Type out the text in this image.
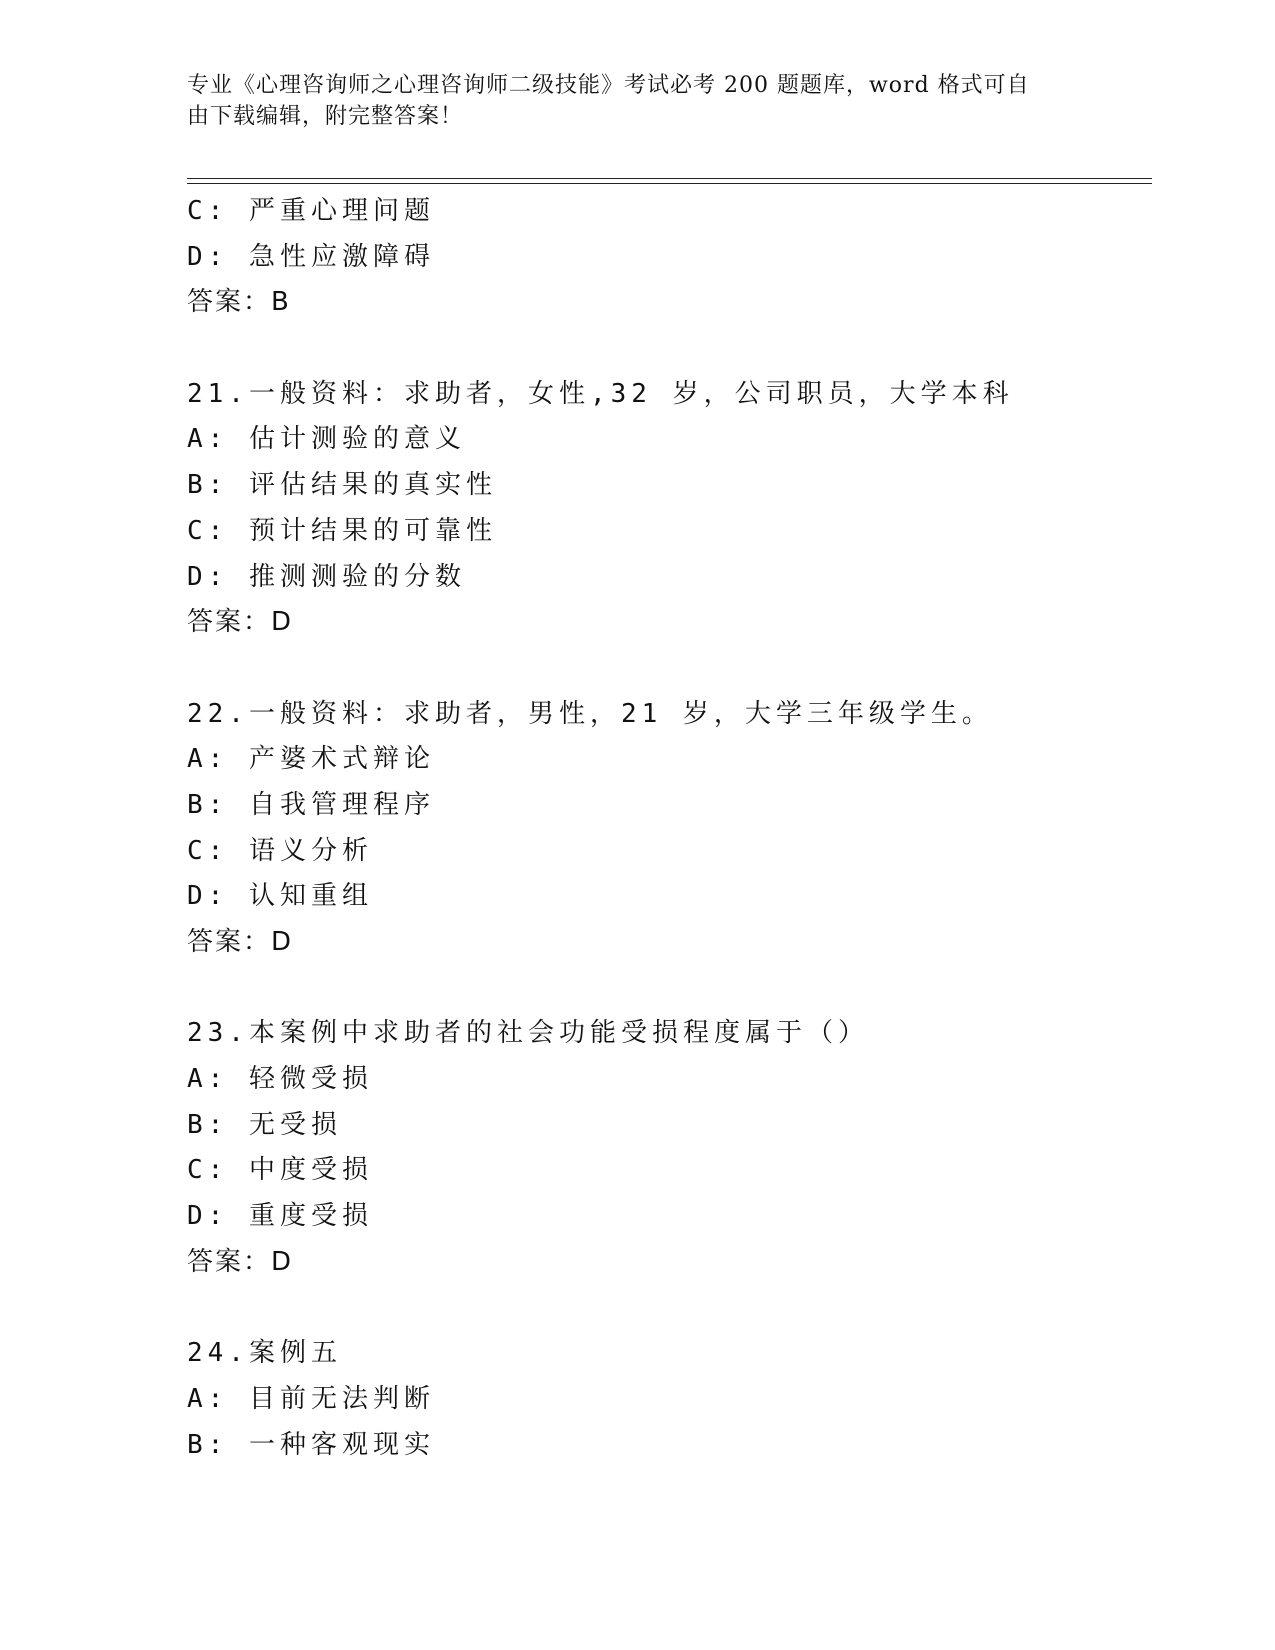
专业《心理咨询师之心理咨询师二级技能》考试必考 200 题题库，word 格式可自
由下载编辑，附完整答案！
C: 严重心理问题
D: 急性应激障碍
答案：B
21.一般资料：求助者，女性,32 岁，公司职员，大学本科
A: 估计测验的意义
B: 评估结果的真实性
C: 预计结果的可靠性
D: 推测测验的分数
答案：D
22.一般资料：求助者，男性，21 岁，大学三年级学生。
A: 产婆术式辩论
B: 自我管理程序
C: 语义分析
D: 认知重组
答案：D
23.本案例中求助者的社会功能受损程度属于（）
A: 轻微受损
B: 无受损
C: 中度受损
D: 重度受损
答案：D
24.案例五
A: 目前无法判断
B: 一种客观现实
